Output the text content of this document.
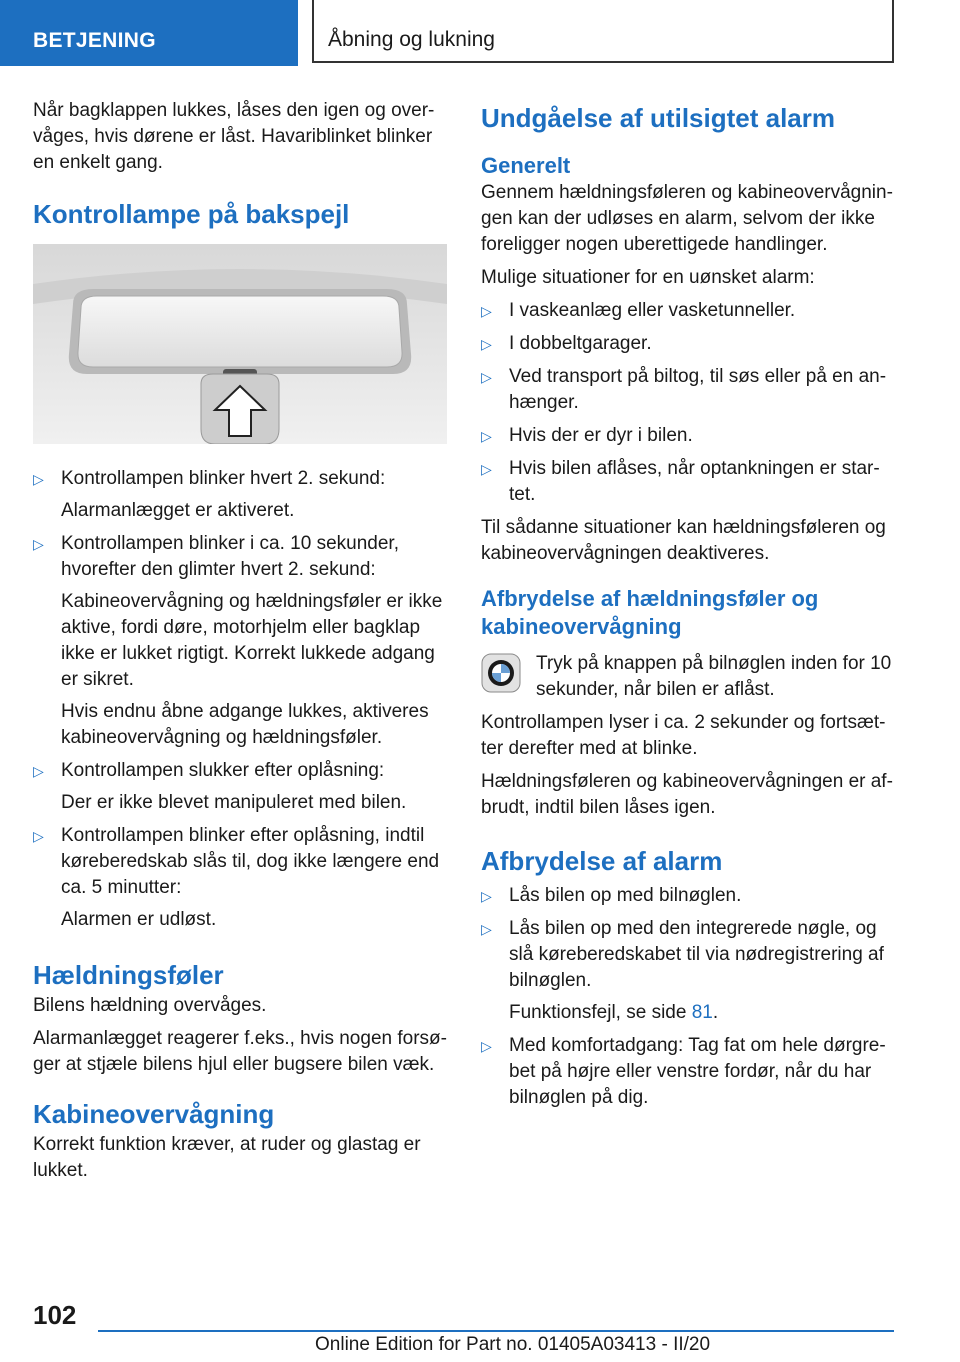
BETJENING	Åbning og lukning

Når bagklappen lukkes, låses den igen og overvåges, hvis dørene er låst. Havariblinket blinker en enkelt gang.

Kontrollampe på bakspejl
▷ Kontrollampen blinker hvert 2. sekund:

Alarmanlægget er aktiveret.

▷ Kontrollampen blinker i ca. 10 sekunder, hvorefter den glimter hvert 2. sekund:

Kabineovervågning og hældningsføler er ikke aktive, fordi døre, motorhjelm eller bagklap ikke er lukket rigtigt. Korrekt lukkede adgang er sikret.

Hvis endnu åbne adgange lukkes, aktiveres kabineovervågning og hældningsføler.

▷ Kontrollampen slukker efter oplåsning:

Der er ikke blevet manipuleret med bilen.

▷ Kontrollampen blinker efter oplåsning, indtil køreberedskab slås til, dog ikke længere end ca. 5 minutter:

Alarmen er udløst.

Hældningsføler

Bilens hældning overvåges.

Alarmanlægget reagerer f.eks., hvis nogen forsøger at stjæle bilens hjul eller bugsere bilen væk.

Kabineovervågning

Korrekt funktion kræver, at ruder og glastag er lukket.

Undgåelse af utilsigtet alarm
Generelt

Gennem hældningsføleren og kabineovervågningen kan der udløses en alarm, selvom der ikke foreligger nogen uberettigede handlinger.

Mulige situationer for en uønsket alarm:

▷ I vaskeanlæg eller vasketunneller.

▷ I dobbeltgarager.

▷ Ved transport på biltog, til søs eller på en anhænger.

▷ Hvis der er dyr i bilen.

▷ Hvis bilen aflåses, når optankningen er startet.

Til sådanne situationer kan hældningsføleren og kabineovervågningen deaktiveres.

Afbrydelse af hældningsføler og kabineovervågning

Tryk på knappen på bilnøglen inden for 10 sekunder, når bilen er aflåst.

Kontrollampen lyser i ca. 2 sekunder og fortsætter derefter med at blinke.

Hældningsføleren og kabineovervågningen er afbrudt, indtil bilen låses igen.

Afbrydelse af alarm
▷ Lås bilen op med bilnøglen.

▷ Lås bilen op med den integrerede nøgle, og slå køreberedskabet til via nødregistrering af bilnøglen.

Funktionsfejl, se side 81.

▷ Med komfortadgang: Tag fat om hele dørgrebet på højre eller venstre fordør, når du har bilnøglen på dig.

102
Online Edition for Part no. 01405A03413 - II/20
